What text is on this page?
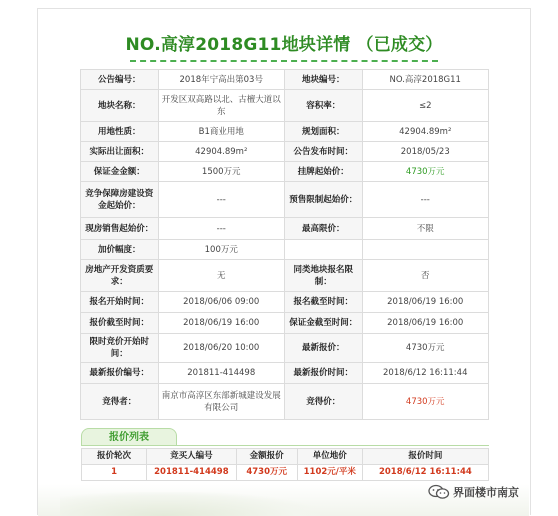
NO.高淳2018G11地块详情 （已成交）
公告编号：	2018年宁高出第03号	地块编号：	NO.高淳2018G11
地块名称：	开发区双高路以北、古檀大道以东	容积率：	≤2
用地性质：	B1商业用地	规划面积：	42904.89m²
实际出让面积：	42904.89m²	公告发布时间：	2018/05/23
保证金金额：	1500万元	挂牌起始价：	4730万元
竞争保障房建设资金起始价：	---	预售限制起始价：	---
现房销售起始价：	---	最高限价：	不限
加价幅度：	100万元		
房地产开发资质要求：	无	同类地块报名限制：	否
报名开始时间：	2018/06/06 09:00	报名截至时间：	2018/06/19 16:00
报价截至时间：	2018/06/19 16:00	保证金截至时间：	2018/06/19 16:00
限时竞价开始时间：	2018/06/20 10:00	最新报价：	4730万元
最新报价编号：	201811-414498	最新报价时间：	2018/6/12 16:11:44
竞得者：	南京市高淳区东部新城建设发展有限公司	竞得价：	4730万元
报价列表
报价轮次	竞买人编号	金额报价	单位地价	报价时间
1	201811-414498	4730万元	1102元/平米	2018/6/12 16:11:44
界面楼市南京
